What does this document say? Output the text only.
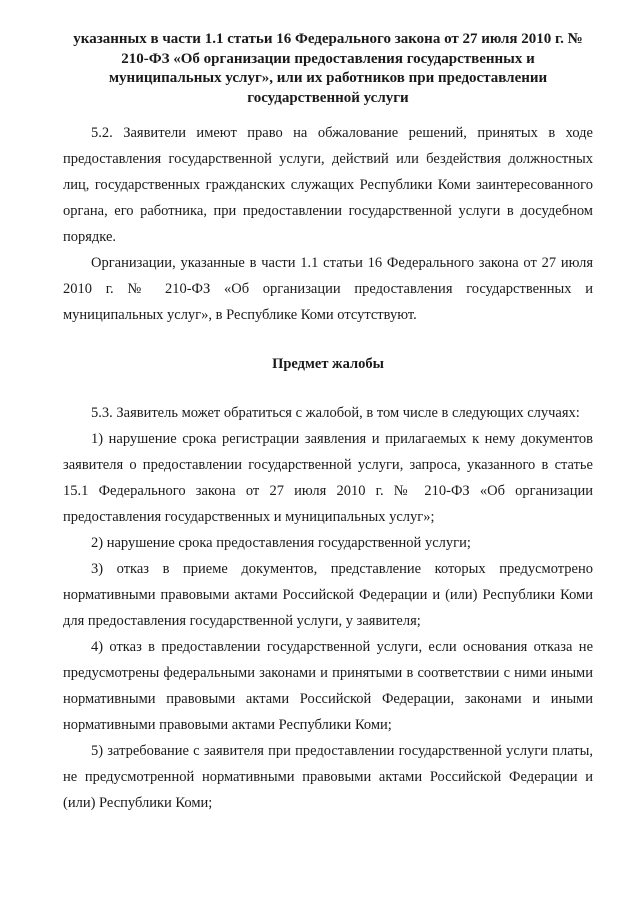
указанных в части 1.1 статьи 16 Федерального закона от 27 июля 2010 г. № 210-ФЗ «Об организации предоставления государственных и муниципальных услуг», или их работников при предоставлении государственной услуги

5.2. Заявители имеют право на обжалование решений, принятых в ходе предоставления государственной услуги, действий или бездействия должностных лиц, государственных гражданских служащих Республики Коми заинтересованного органа, его работника, при предоставлении государственной услуги в досудебном порядке.

Организации, указанные в части 1.1 статьи 16 Федерального закона от 27 июля 2010 г. № 210-ФЗ «Об организации предоставления государственных и муниципальных услуг», в Республике Коми отсутствуют.

Предмет жалобы

5.3. Заявитель может обратиться с жалобой, в том числе в следующих случаях:

1) нарушение срока регистрации заявления и прилагаемых к нему документов заявителя о предоставлении государственной услуги, запроса, указанного в статье 15.1 Федерального закона от 27 июля 2010 г. № 210-ФЗ «Об организации предоставления государственных и муниципальных услуг»;

2) нарушение срока предоставления государственной услуги;

3) отказ в приеме документов, представление которых предусмотрено нормативными правовыми актами Российской Федерации и (или) Республики Коми для предоставления государственной услуги, у заявителя;

4) отказ в предоставлении государственной услуги, если основания отказа не предусмотрены федеральными законами и принятыми в соответствии с ними иными нормативными правовыми актами Российской Федерации, законами и иными нормативными правовыми актами Республики Коми;

5) затребование с заявителя при предоставлении государственной услуги платы, не предусмотренной нормативными правовыми актами Российской Федерации и (или) Республики Коми;
